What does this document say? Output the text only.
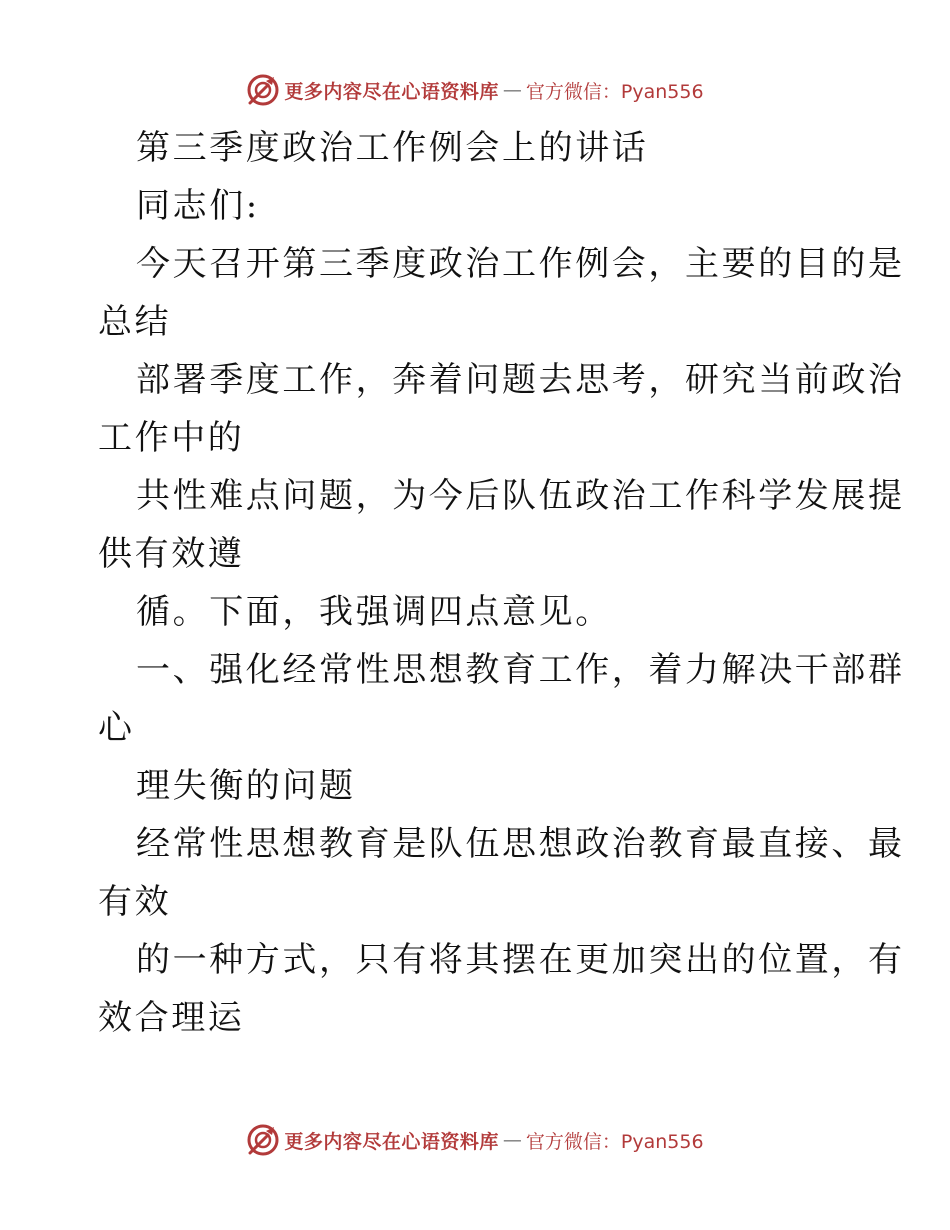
更多内容尽在心语资料库 — 官方微信：Pyan556
第三季度政治工作例会上的讲话
同志们:
今天召开第三季度政治工作例会，主要的目的是
总结
部署季度工作，奔着问题去思考，研究当前政治
工作中的
共性难点问题，为今后队伍政治工作科学发展提
供有效遵
循。下面，我强调四点意见。
一、强化经常性思想教育工作，着力解决干部群
心
理失衡的问题
经常性思想教育是队伍思想政治教育最直接、最
有效
的一种方式，只有将其摆在更加突出的位置，有
效合理运
更多内容尽在心语资料库 — 官方微信：Pyan556
